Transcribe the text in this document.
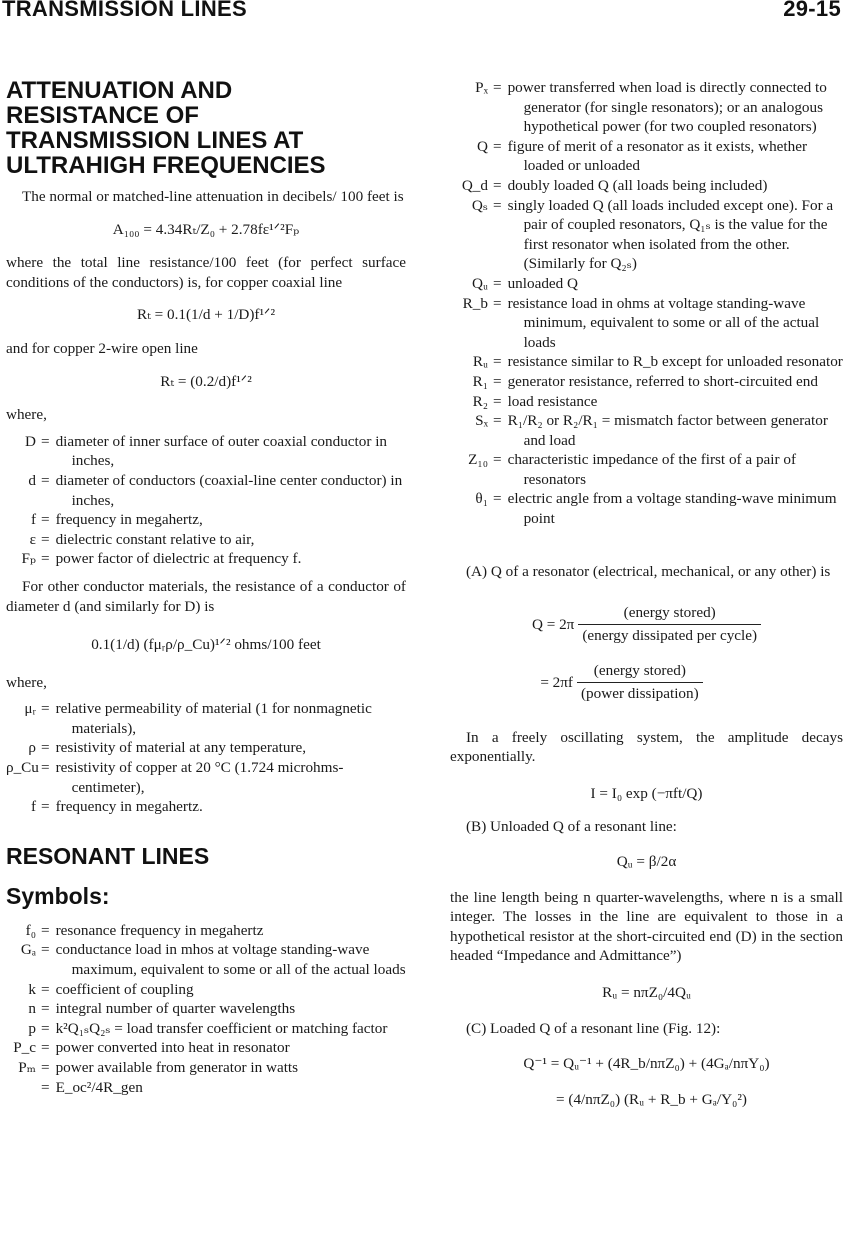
TRANSMISSION LINES	29-15
ATTENUATION AND
RESISTANCE OF
TRANSMISSION LINES AT
ULTRAHIGH FREQUENCIES

The normal or matched-line attenuation in decibels/ 100 feet is

A₁₀₀ = 4.34Rₜ/Z₀ + 2.78fε¹ᐟ²Fₚ

where the total line resistance/100 feet (for perfect surface conditions of the conductors) is, for copper coaxial line

Rₜ = 0.1(1/d + 1/D)f¹ᐟ²

and for copper 2-wire open line

Rₜ = (0.2/d)f¹ᐟ²

where,

D = diameter of inner surface of outer coaxial conductor in inches,
d = diameter of conductors (coaxial-line center conductor) in inches,
f = frequency in megahertz,
ε = dielectric constant relative to air,
Fₚ = power factor of dielectric at frequency f.

For other conductor materials, the resistance of a conductor of diameter d (and similarly for D) is

0.1(1/d) (fμᵣρ/ρ_Cu)¹ᐟ² ohms/100 feet

where,

μᵣ = relative permeability of material (1 for nonmagnetic materials),
ρ = resistivity of material at any temperature,
ρ_Cu = resistivity of copper at 20 °C (1.724 microhms-centimeter),
f = frequency in megahertz.
RESONANT LINES
Symbols:
f₀ = resonance frequency in megahertz
Gₐ = conductance load in mhos at voltage standing-wave maximum, equivalent to some or all of the actual loads
k = coefficient of coupling
n = integral number of quarter wavelengths
p = k²Q₁ₛQ₂ₛ = load transfer coefficient or matching factor
P_c = power converted into heat in resonator
Pₘ = power available from generator in watts
= E_oc²/4R_gen
Pₓ = power transferred when load is directly connected to generator (for single resonators); or an analogous hypothetical power (for two coupled resonators)
Q = figure of merit of a resonator as it exists, whether loaded or unloaded
Q_d = doubly loaded Q (all loads being included)
Qₛ = singly loaded Q (all loads included except one). For a pair of coupled resonators, Q₁ₛ is the value for the first resonator when isolated from the other. (Similarly for Q₂ₛ)
Qᵤ = unloaded Q
R_b = resistance load in ohms at voltage standing-wave minimum, equivalent to some or all of the actual loads
Rᵤ = resistance similar to R_b except for unloaded resonator
R₁ = generator resistance, referred to short-circuited end
R₂ = load resistance
Sₓ = R₁/R₂ or R₂/R₁ = mismatch factor between generator and load
Z₁₀ = characteristic impedance of the first of a pair of resonators
θ₁ = electric angle from a voltage standing-wave minimum point

(A) Q of a resonator (electrical, mechanical, or any other) is

$Q = 2\pi \frac{\text{(energy stored)}}{\text{(energy dissipated per cycle)}}$
= $2\pi f \frac{\text{(energy stored)}}{\text{(power dissipation)}}$

In a freely oscillating system, the amplitude decays exponentially.

I = I₀ exp (−πft/Q)

(B) Unloaded Q of a resonant line:

Qᵤ = β/2α

the line length being n quarter-wavelengths, where n is a small integer. The losses in the line are equivalent to those in a hypothetical resistor at the short-circuited end (D) in the section headed “Impedance and Admittance”)

Rᵤ = nπZ₀/4Qᵤ

(C) Loaded Q of a resonant line (Fig. 12):

Q⁻¹ = Qᵤ⁻¹ + (4R_b/nπZ₀) + (4Gₐ/nπY₀)

= (4/nπZ₀) (Rᵤ + R_b + Gₐ/Y₀²)
